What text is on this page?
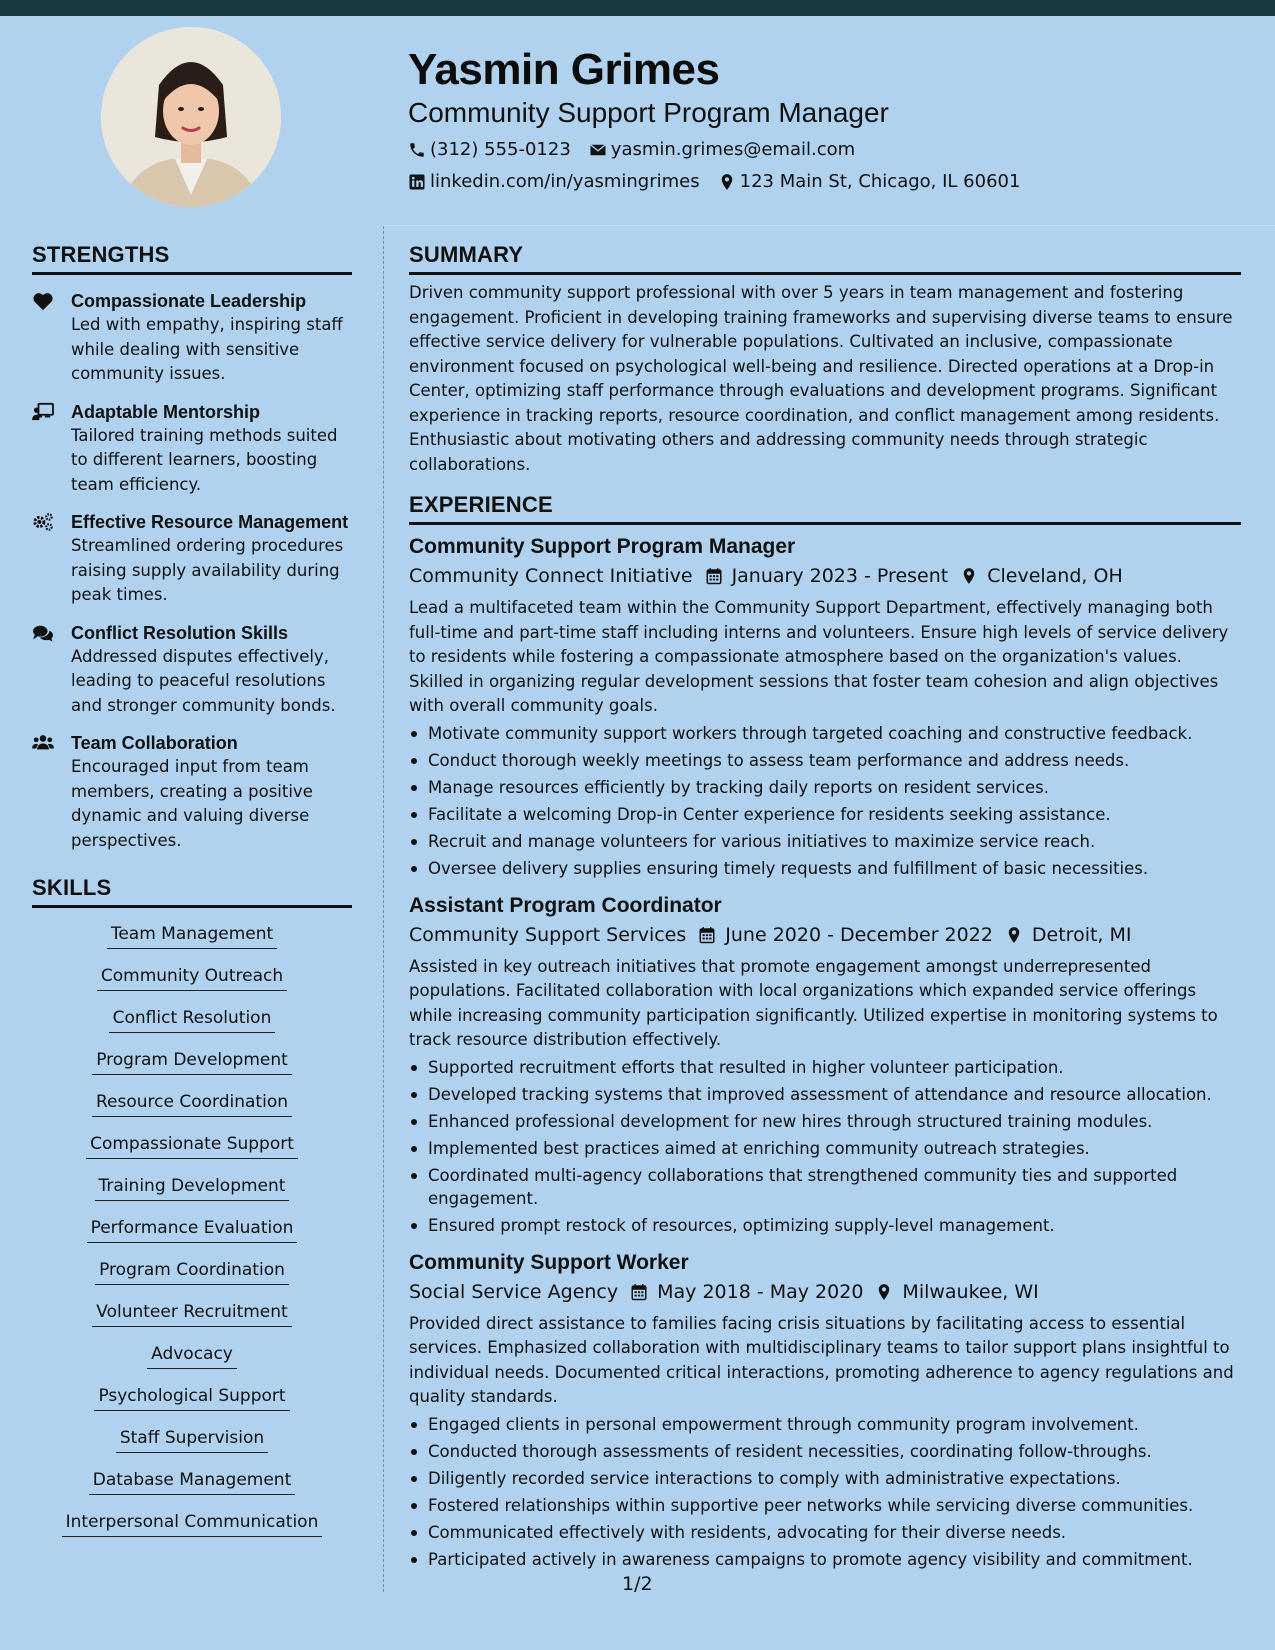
Yasmin Grimes
Community Support Program Manager
(312) 555-0123 yasmin.grimes@email.com
linkedin.com/in/yasmingrimes 123 Main St, Chicago, IL 60601
STRENGTHS
Compassionate Leadership
Led with empathy, inspiring staff while dealing with sensitive community issues.
Adaptable Mentorship
Tailored training methods suited to different learners, boosting team efficiency.
Effective Resource Management
Streamlined ordering procedures raising supply availability during peak times.
Conflict Resolution Skills
Addressed disputes effectively, leading to peaceful resolutions and stronger community bonds.
Team Collaboration
Encouraged input from team members, creating a positive dynamic and valuing diverse perspectives.
SKILLS
Team Management
Community Outreach
Conflict Resolution
Program Development
Resource Coordination
Compassionate Support
Training Development
Performance Evaluation
Program Coordination
Volunteer Recruitment
Advocacy
Psychological Support
Staff Supervision
Database Management
Interpersonal Communication
SUMMARY
Driven community support professional with over 5 years in team management and fostering engagement. Proficient in developing training frameworks and supervising diverse teams to ensure effective service delivery for vulnerable populations. Cultivated an inclusive, compassionate environment focused on psychological well-being and resilience. Directed operations at a Drop-in Center, optimizing staff performance through evaluations and development programs. Significant experience in tracking reports, resource coordination, and conflict management among residents. Enthusiastic about motivating others and addressing community needs through strategic collaborations.
EXPERIENCE
Community Support Program Manager
Community Connect Initiative January 2023 - Present Cleveland, OH
Lead a multifaceted team within the Community Support Department, effectively managing both full-time and part-time staff including interns and volunteers. Ensure high levels of service delivery to residents while fostering a compassionate atmosphere based on the organization's values. Skilled in organizing regular development sessions that foster team cohesion and align objectives with overall community goals.
Motivate community support workers through targeted coaching and constructive feedback.
Conduct thorough weekly meetings to assess team performance and address needs.
Manage resources efficiently by tracking daily reports on resident services.
Facilitate a welcoming Drop-in Center experience for residents seeking assistance.
Recruit and manage volunteers for various initiatives to maximize service reach.
Oversee delivery supplies ensuring timely requests and fulfillment of basic necessities.
Assistant Program Coordinator
Community Support Services June 2020 - December 2022 Detroit, MI
Assisted in key outreach initiatives that promote engagement amongst underrepresented populations. Facilitated collaboration with local organizations which expanded service offerings while increasing community participation significantly. Utilized expertise in monitoring systems to track resource distribution effectively.
Supported recruitment efforts that resulted in higher volunteer participation.
Developed tracking systems that improved assessment of attendance and resource allocation.
Enhanced professional development for new hires through structured training modules.
Implemented best practices aimed at enriching community outreach strategies.
Coordinated multi-agency collaborations that strengthened community ties and supported engagement.
Ensured prompt restock of resources, optimizing supply-level management.
Community Support Worker
Social Service Agency May 2018 - May 2020 Milwaukee, WI
Provided direct assistance to families facing crisis situations by facilitating access to essential services. Emphasized collaboration with multidisciplinary teams to tailor support plans insightful to individual needs. Documented critical interactions, promoting adherence to agency regulations and quality standards.
Engaged clients in personal empowerment through community program involvement.
Conducted thorough assessments of resident necessities, coordinating follow-throughs.
Diligently recorded service interactions to comply with administrative expectations.
Fostered relationships within supportive peer networks while servicing diverse communities.
Communicated effectively with residents, advocating for their diverse needs.
Participated actively in awareness campaigns to promote agency visibility and commitment.
1/2
